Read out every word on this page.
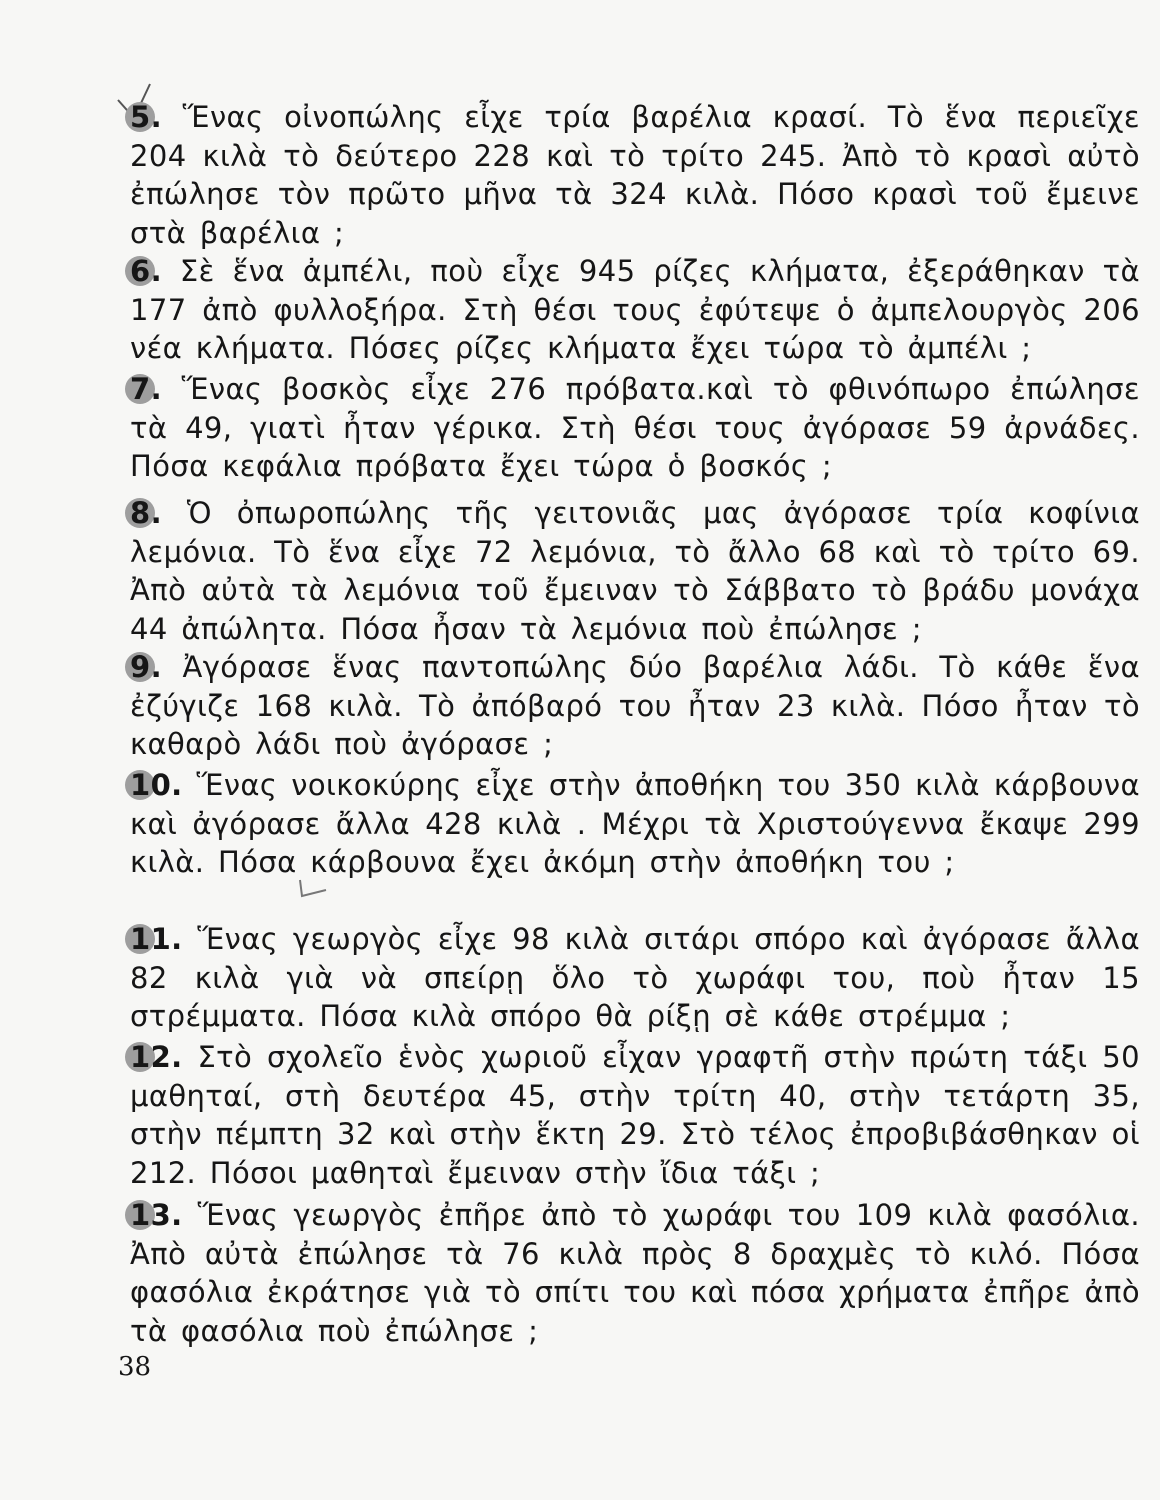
5. Ἕνας οἰνοπώλης εἶχε τρία βαρέλια κρασί. Τὸ ἕνα περιεῖχε 204 κιλὰ τὸ δεύτερο 228 καὶ τὸ τρίτο 245. Ἀπὸ τὸ κρασὶ αὐτὸ ἐπώλησε τὸν πρῶτο μῆνα τὰ 324 κιλὰ. Πόσο κρασὶ τοῦ ἔμεινε στὰ βαρέλια ;
6. Σὲ ἕνα ἀμπέλι, ποὺ εἶχε 945 ρίζες κλήματα, ἐξεράθηκαν τὰ 177 ἀπὸ φυλλοξήρα. Στὴ θέσι τους ἐφύτεψε ὁ ἀμπελουργὸς 206 νέα κλήματα. Πόσες ρίζες κλήματα ἔχει τώρα τὸ ἀμπέλι ;
7. Ἕνας βοσκὸς εἶχε 276 πρόβατα.καὶ τὸ φθινόπωρο ἐπώλησε τὰ 49, γιατὶ ἦταν γέρικα. Στὴ θέσι τους ἀγόρασε 59 ἀρνάδες. Πόσα κεφάλια πρόβατα ἔχει τώρα ὁ βοσκός ;
8. Ὁ ὀπωροπώλης τῆς γειτονιᾶς μας ἀγόρασε τρία κοφίνια λεμόνια. Τὸ ἕνα εἶχε 72 λεμόνια, τὸ ἄλλο 68 καὶ τὸ τρίτο 69. Ἀπὸ αὐτὰ τὰ λεμόνια τοῦ ἔμειναν τὸ Σάββατο τὸ βράδυ μονάχα 44 ἀπώλητα. Πόσα ἦσαν τὰ λεμόνια ποὺ ἐπώλησε ;
9. Ἀγόρασε ἕνας παντοπώλης δύο βαρέλια λάδι. Τὸ κάθε ἕνα ἐζύγιζε 168 κιλὰ. Τὸ ἀπόβαρό του ἦταν 23 κιλὰ. Πόσο ἦταν τὸ καθαρὸ λάδι ποὺ ἀγόρασε ;
10. Ἕνας νοικοκύρης εἶχε στὴν ἀποθήκη του 350 κιλὰ κάρβουνα καὶ ἀγόρασε ἄλλα 428 κιλὰ . Μέχρι τὰ Χριστούγεννα ἔκαψε 299 κιλὰ. Πόσα κάρβουνα ἔχει ἀκόμη στὴν ἀποθήκη του ;
11. Ἕνας γεωργὸς εἶχε 98 κιλὰ σιτάρι σπόρο καὶ ἀγόρασε ἄλλα 82 κιλὰ γιὰ νὰ σπείρῃ ὅλο τὸ χωράφι του, ποὺ ἦταν 15 στρέμματα. Πόσα κιλὰ σπόρο θὰ ρίξῃ σὲ κάθε στρέμμα ;
12. Στὸ σχολεῖο ἑνὸς χωριοῦ εἶχαν γραφτῆ στὴν πρώτη τάξι 50 μαθηταί, στὴ δευτέρα 45, στὴν τρίτη 40, στὴν τετάρτη 35, στὴν πέμπτη 32 καὶ στὴν ἕκτη 29. Στὸ τέλος ἐπροβιβάσθηκαν οἱ 212. Πόσοι μαθηταὶ ἔμειναν στὴν ἴδια τάξι ;
13. Ἕνας γεωργὸς ἐπῆρε ἀπὸ τὸ χωράφι του 109 κιλὰ φασόλια. Ἀπὸ αὐτὰ ἐπώλησε τὰ 76 κιλὰ πρὸς 8 δραχμὲς τὸ κιλό. Πόσα φασόλια ἐκράτησε γιὰ τὸ σπίτι του καὶ πόσα χρήματα ἐπῆρε ἀπὸ τὰ φασόλια ποὺ ἐπώλησε ;
38
